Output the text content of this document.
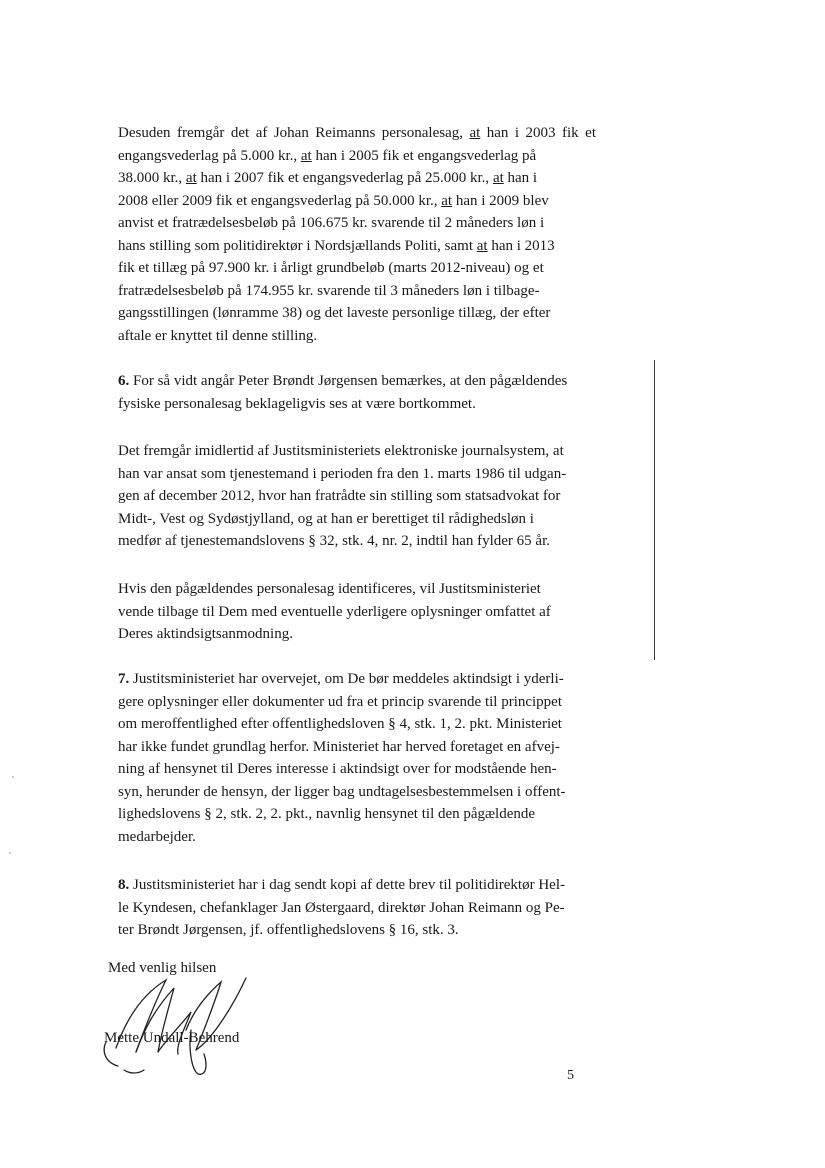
Desuden fremgår det af Johan Reimanns personalesag, at han i 2003 fik et
engangsvederlag på 5.000 kr., at han i 2005 fik et engangsvederlag på
38.000 kr., at han i 2007 fik et engangsvederlag på 25.000 kr., at han i
2008 eller 2009 fik et engangsvederlag på 50.000 kr., at han i 2009 blev
anvist et fratrædelsesbeløb på 106.675 kr. svarende til 2 måneders løn i
hans stilling som politidirektør i Nordsjællands Politi, samt at han i 2013
fik et tillæg på 97.900 kr. i årligt grundbeløb (marts 2012-niveau) og et
fratrædelsesbeløb på 174.955 kr. svarende til 3 måneders løn i tilbage-
gangsstillingen (lønramme 38) og det laveste personlige tillæg, der efter
aftale er knyttet til denne stilling.

6. For så vidt angår Peter Brøndt Jørgensen bemærkes, at den pågældendes
fysiske personalesag beklageligvis ses at være bortkommet.

Det fremgår imidlertid af Justitsministeriets elektroniske journalsystem, at
han var ansat som tjenestemand i perioden fra den 1. marts 1986 til udgan-
gen af december 2012, hvor han fratrådte sin stilling som statsadvokat for
Midt-, Vest og Sydøstjylland, og at han er berettiget til rådighedsløn i
medfør af tjenestemandslovens § 32, stk. 4, nr. 2, indtil han fylder 65 år.

Hvis den pågældendes personalesag identificeres, vil Justitsministeriet
vende tilbage til Dem med eventuelle yderligere oplysninger omfattet af
Deres aktindsigtsanmodning.

7. Justitsministeriet har overvejet, om De bør meddeles aktindsigt i yderli-
gere oplysninger eller dokumenter ud fra et princip svarende til princippet
om meroffentlighed efter offentlighedsloven § 4, stk. 1, 2. pkt. Ministeriet
har ikke fundet grundlag herfor. Ministeriet har herved foretaget en afvej-
ning af hensynet til Deres interesse i aktindsigt over for modstående hen-
syn, herunder de hensyn, der ligger bag undtagelsesbestemmelsen i offent-
lighedslovens § 2, stk. 2, 2. pkt., navnlig hensynet til den pågældende
medarbejder.

8. Justitsministeriet har i dag sendt kopi af dette brev til politidirektør Hel-
le Kyndesen, chefanklager Jan Østergaard, direktør Johan Reimann og Pe-
ter Brøndt Jørgensen, jf. offentlighedslovens § 16, stk. 3.

Med venlig hilsen

Mette Undall-Behrend

5
